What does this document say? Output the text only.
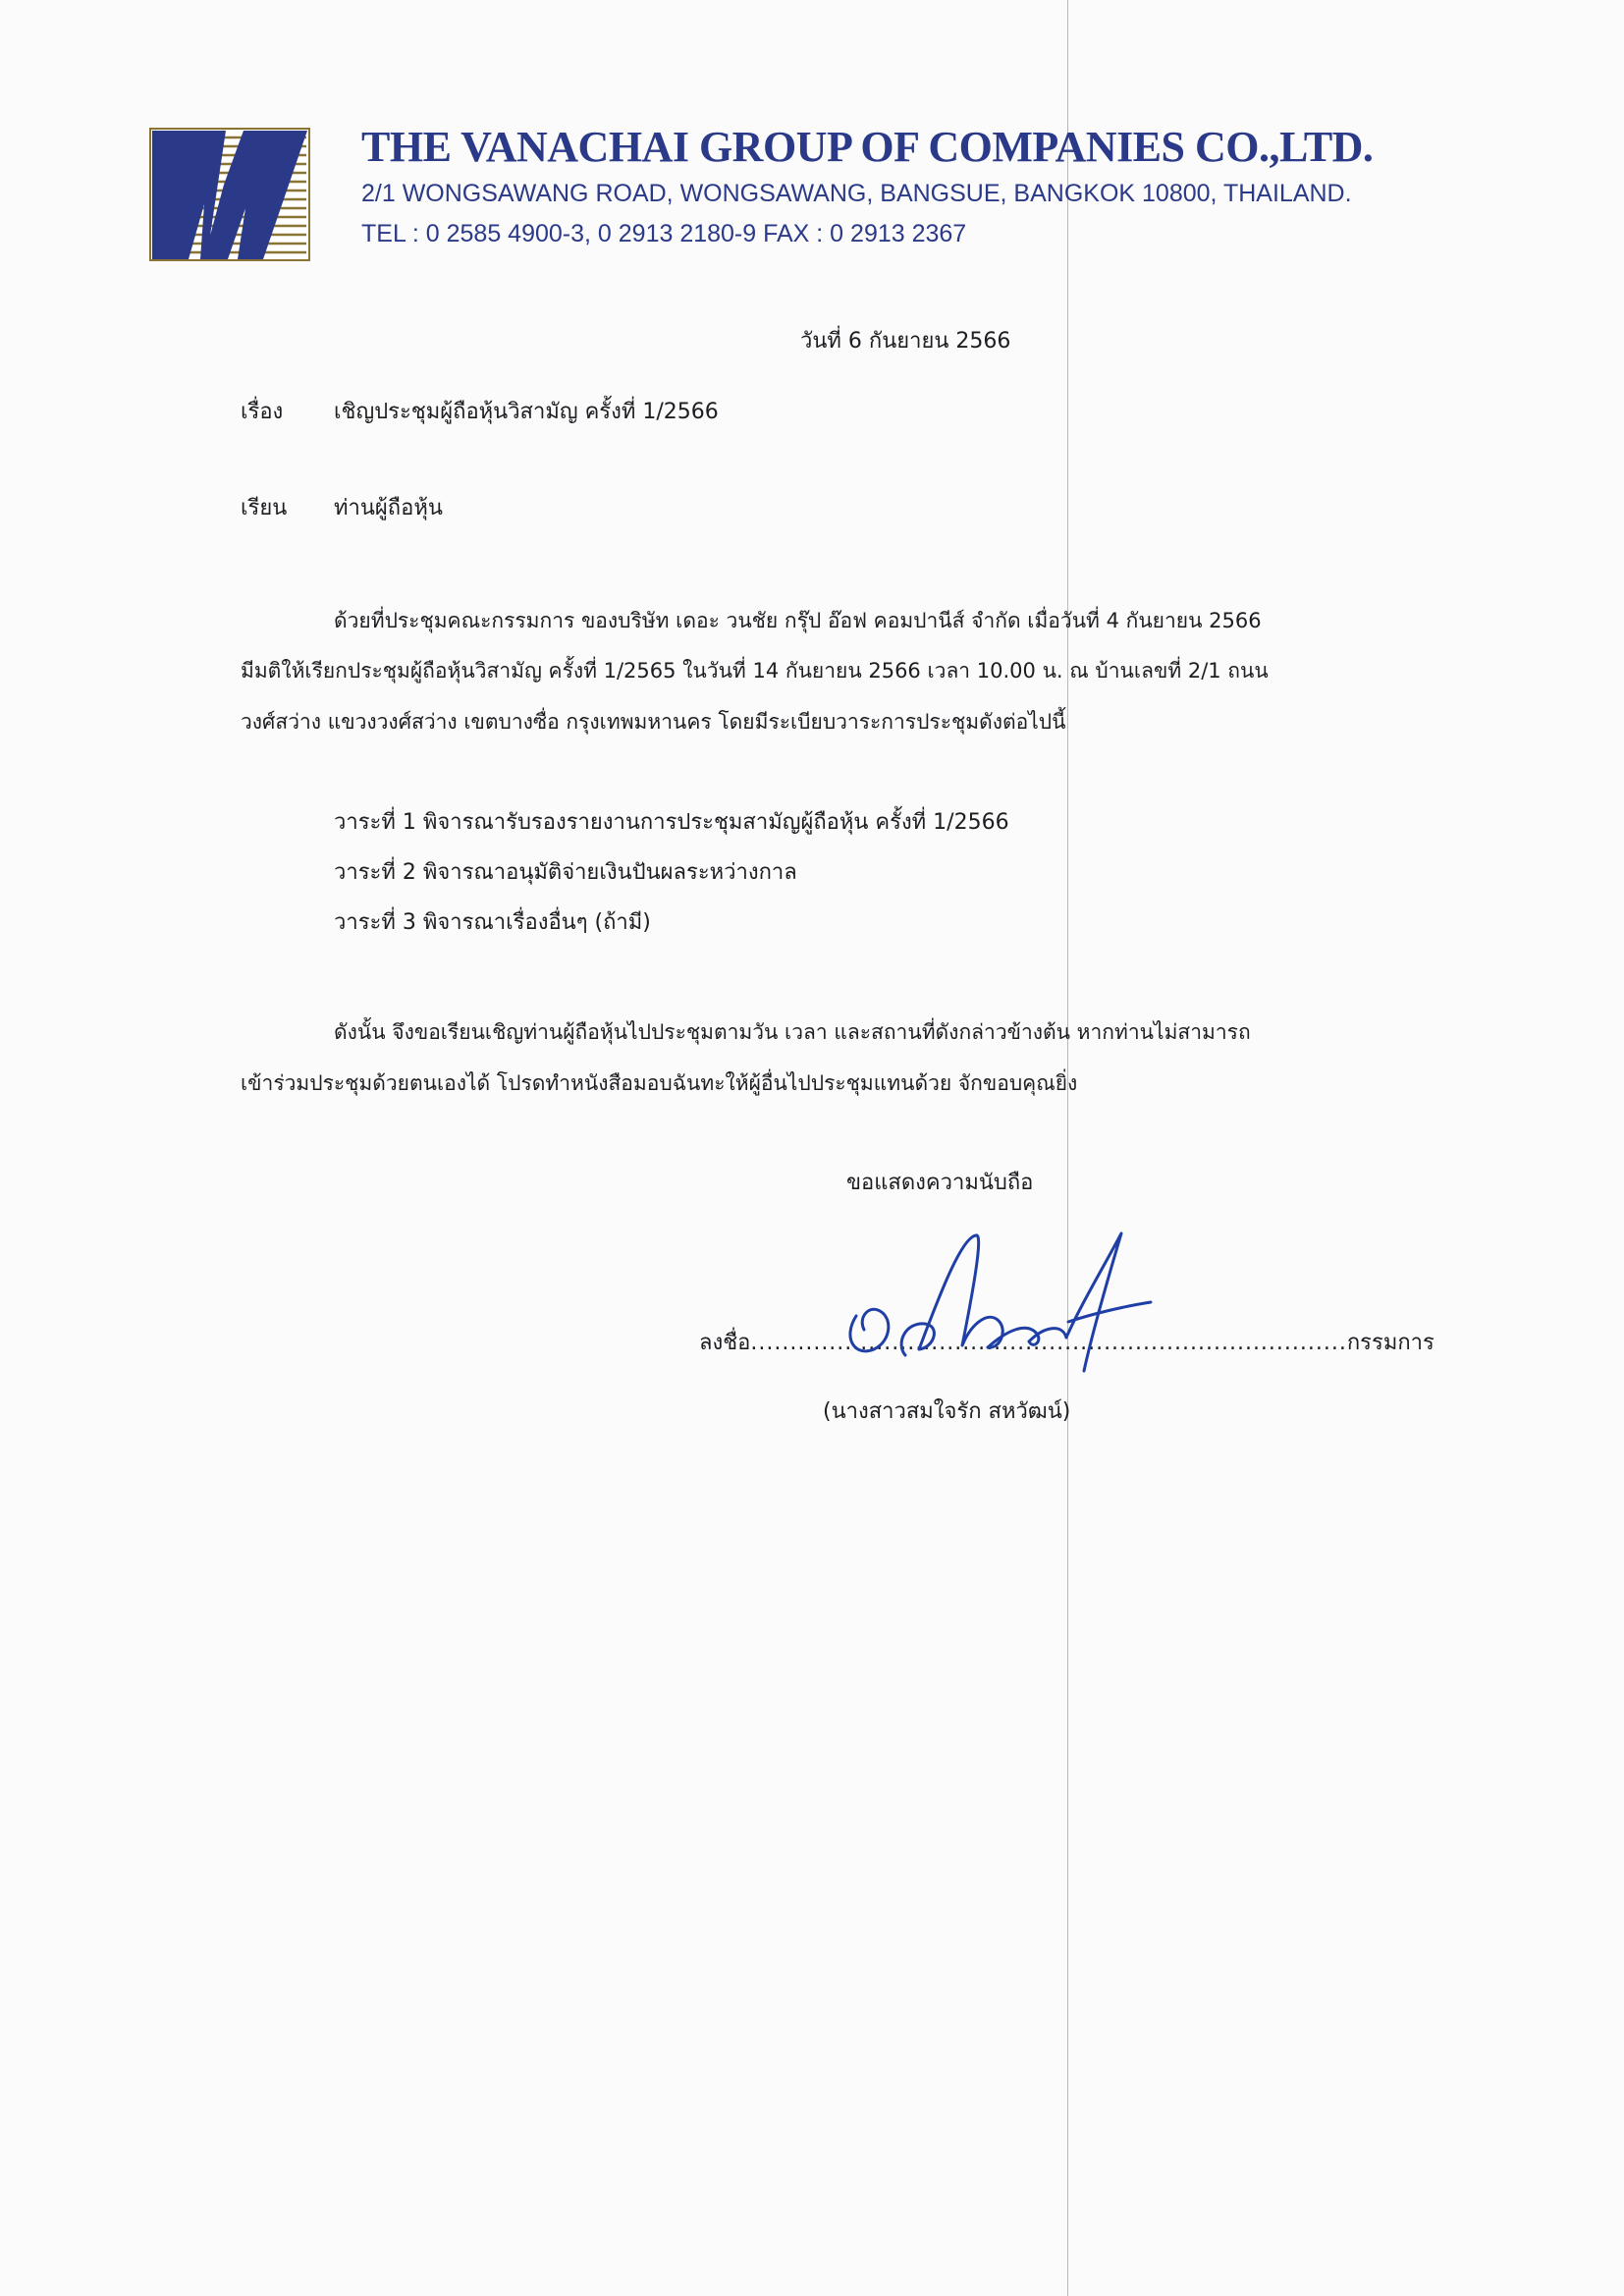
THE VANACHAI GROUP OF COMPANIES CO.,LTD.
2/1 WONGSAWANG ROAD, WONGSAWANG, BANGSUE, BANGKOK 10800, THAILAND.
TEL : 0 2585 4900-3, 0 2913 2180-9 FAX : 0 2913 2367
วันที่ 6 กันยายน 2566
เรื่อง เชิญประชุมผู้ถือหุ้นวิสามัญ ครั้งที่ 1/2566
เรียน ท่านผู้ถือหุ้น
ด้วยที่ประชุมคณะกรรมการ ของบริษัท เดอะ วนชัย กรุ๊ป อ๊อฟ คอมปานีส์ จำกัด เมื่อวันที่ 4 กันยายน 2566
มีมติให้เรียกประชุมผู้ถือหุ้นวิสามัญ ครั้งที่ 1/2565 ในวันที่ 14 กันยายน 2566 เวลา 10.00 น. ณ บ้านเลขที่ 2/1 ถนน
วงศ์สว่าง แขวงวงศ์สว่าง เขตบางซื่อ กรุงเทพมหานคร โดยมีระเบียบวาระการประชุมดังต่อไปนี้
วาระที่ 1 พิจารณารับรองรายงานการประชุมสามัญผู้ถือหุ้น ครั้งที่ 1/2566
วาระที่ 2 พิจารณาอนุมัติจ่ายเงินปันผลระหว่างกาล
วาระที่ 3 พิจารณาเรื่องอื่นๆ (ถ้ามี)
ดังนั้น จึงขอเรียนเชิญท่านผู้ถือหุ้นไปประชุมตามวัน เวลา และสถานที่ดังกล่าวข้างต้น หากท่านไม่สามารถ
เข้าร่วมประชุมด้วยตนเองได้ โปรดทำหนังสือมอบฉันทะให้ผู้อื่นไปประชุมแทนด้วย จักขอบคุณยิ่ง
ขอแสดงความนับถือ
ลงชื่อ............................................................................กรรมการ
(นางสาวสมใจรัก สหวัฒน์)
